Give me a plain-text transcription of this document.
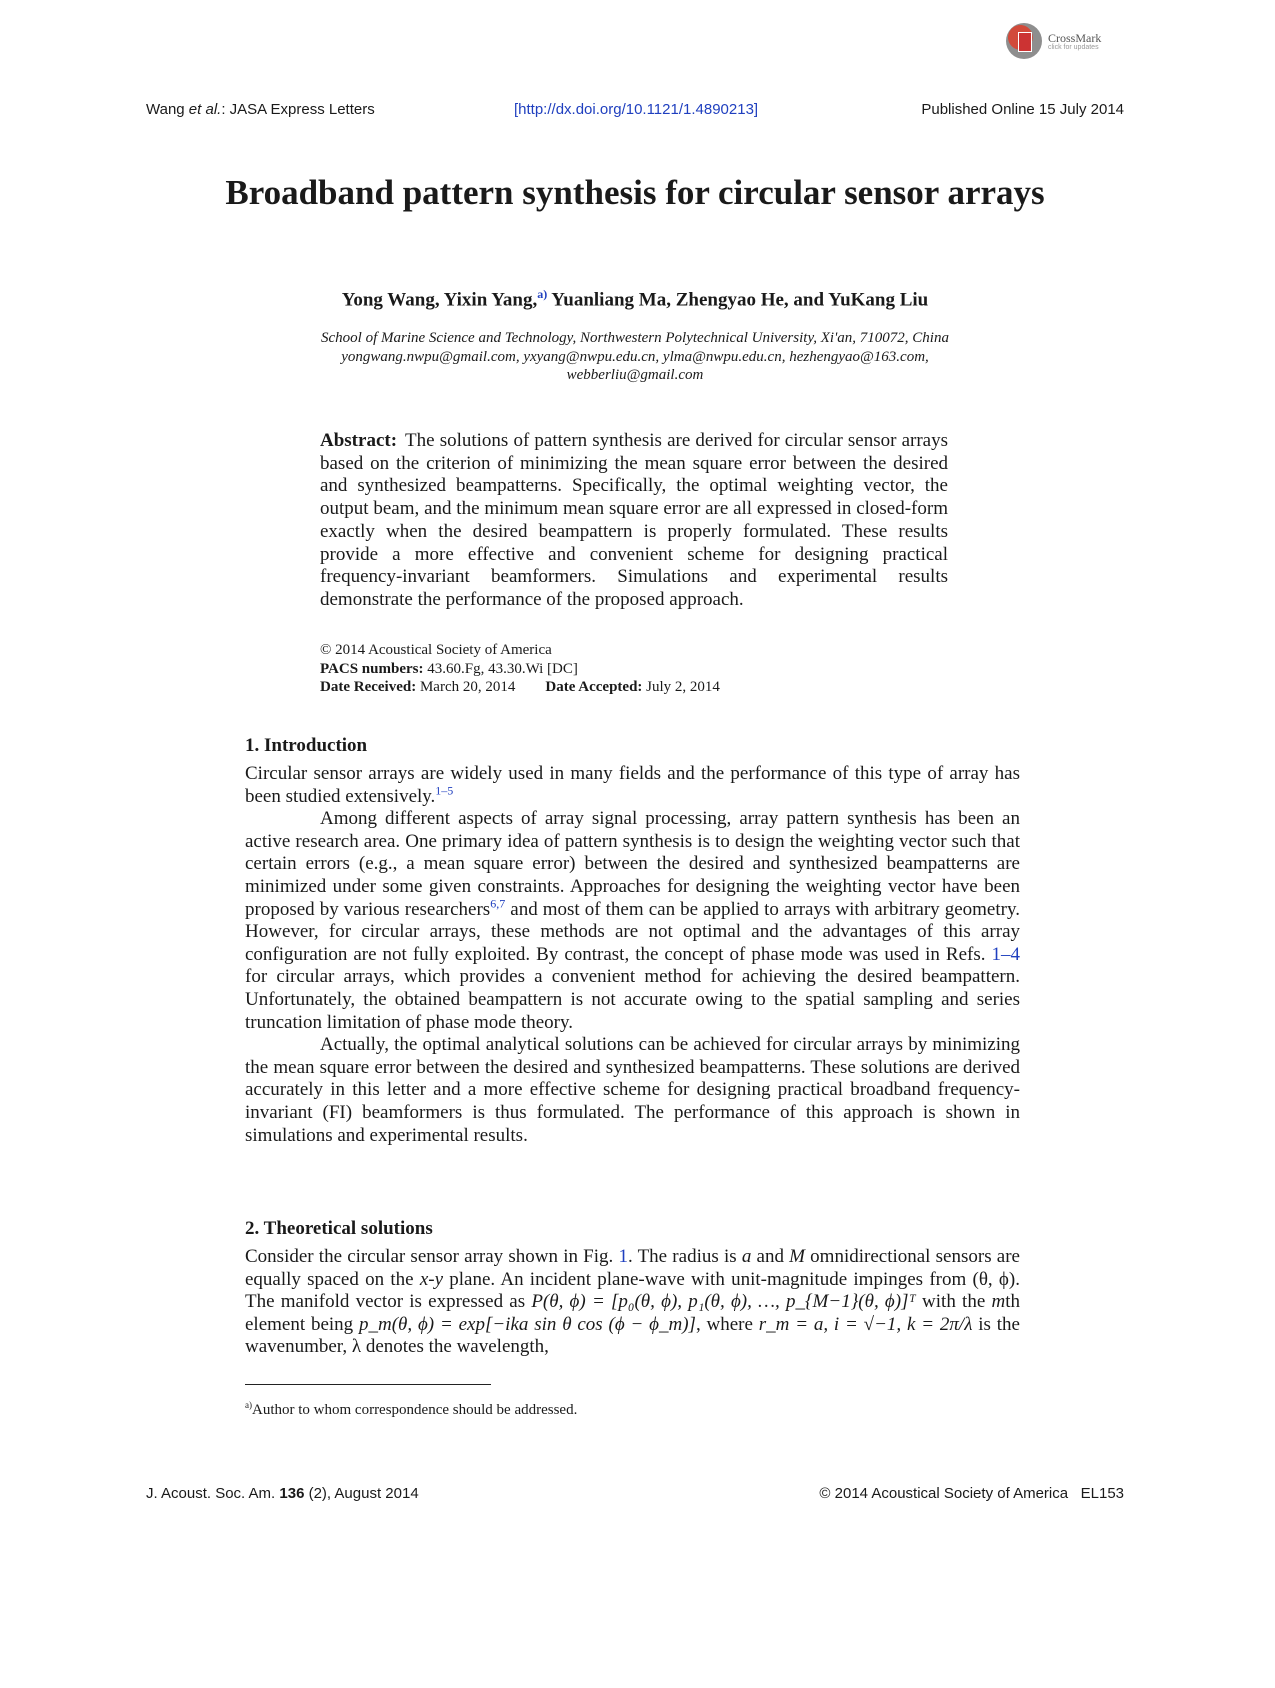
CrossMark
click for updates
Wang et al.: JASA Express Letters	[http://dx.doi.org/10.1121/1.4890213]	Published Online 15 July 2014
Broadband pattern synthesis for circular sensor arrays
Yong Wang, Yixin Yang,$^{a)}$ Yuanliang Ma, Zhengyao He, and YuKang Liu
School of Marine Science and Technology, Northwestern Polytechnical University, Xi'an, 710072, China
yongwang.nwpu@gmail.com, yxyang@nwpu.edu.cn, ylma@nwpu.edu.cn, hezhengyao@163.com, webberliu@gmail.com
Abstract: The solutions of pattern synthesis are derived for circular sensor arrays based on the criterion of minimizing the mean square error between the desired and synthesized beampatterns. Specifically, the optimal weighting vector, the output beam, and the minimum mean square error are all expressed in closed-form exactly when the desired beampattern is properly formulated. These results provide a more effective and convenient scheme for designing practical frequency-invariant beamformers. Simulations and experimental results demonstrate the performance of the proposed approach.
© 2014 Acoustical Society of America
PACS numbers: 43.60.Fg, 43.30.Wi [DC]
Date Received: March 20, 2014 Date Accepted: July 2, 2014
1. Introduction

Circular sensor arrays are widely used in many fields and the performance of this type of array has been studied extensively.$^{1-5}$

Among different aspects of array signal processing, array pattern synthesis has been an active research area. One primary idea of pattern synthesis is to design the weighting vector such that certain errors (e.g., a mean square error) between the desired and synthesized beampatterns are minimized under some given constraints. Approaches for designing the weighting vector have been proposed by various researchers$^{6,7}$ and most of them can be applied to arrays with arbitrary geometry. However, for circular arrays, these methods are not optimal and the advantages of this array configuration are not fully exploited. By contrast, the concept of phase mode was used in Refs. 1–4 for circular arrays, which provides a convenient method for achieving the desired beampattern. Unfortunately, the obtained beampattern is not accurate owing to the spatial sampling and series truncation limitation of phase mode theory.

Actually, the optimal analytical solutions can be achieved for circular arrays by minimizing the mean square error between the desired and synthesized beampatterns. These solutions are derived accurately in this letter and a more effective scheme for designing practical broadband frequency-invariant (FI) beamformers is thus formulated. The performance of this approach is shown in simulations and experimental results.

2. Theoretical solutions

Consider the circular sensor array shown in Fig. 1. The radius is a and M omnidirectional sensors are equally spaced on the x-y plane. An incident plane-wave with unit-magnitude impinges from (θ, ϕ). The manifold vector is expressed as P(θ, ϕ) = [p₀(θ, ϕ), p₁(θ, ϕ), …, p_{M−1}(θ, ϕ)]ᵀ with the mth element being p_m(θ, ϕ) = exp[−ika sin θ cos (ϕ − ϕ_m)], where r_m = a, i = √−1, k = 2π/λ is the wavenumber, λ denotes the wavelength,

$^{a)}$Author to whom correspondence should be addressed.
J. Acoust. Soc. Am. 136 (2), August 2014	© 2014 Acoustical Society of America EL153
